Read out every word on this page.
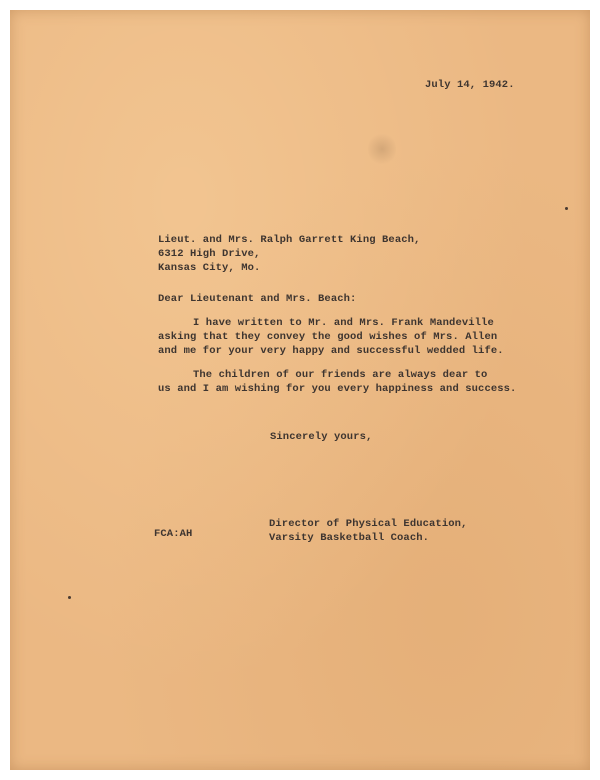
July 14, 1942.
Lieut. and Mrs. Ralph Garrett King Beach,
6312 High Drive,
Kansas City, Mo.
Dear Lieutenant and Mrs. Beach:
I have written to Mr. and Mrs. Frank Mandeville
asking that they convey the good wishes of Mrs. Allen
and me for your very happy and successful wedded life.
The children of our friends are always dear to
us and I am wishing for you every happiness and success.
Sincerely yours,
Director of Physical Education,
Varsity Basketball Coach.
FCA:AH
